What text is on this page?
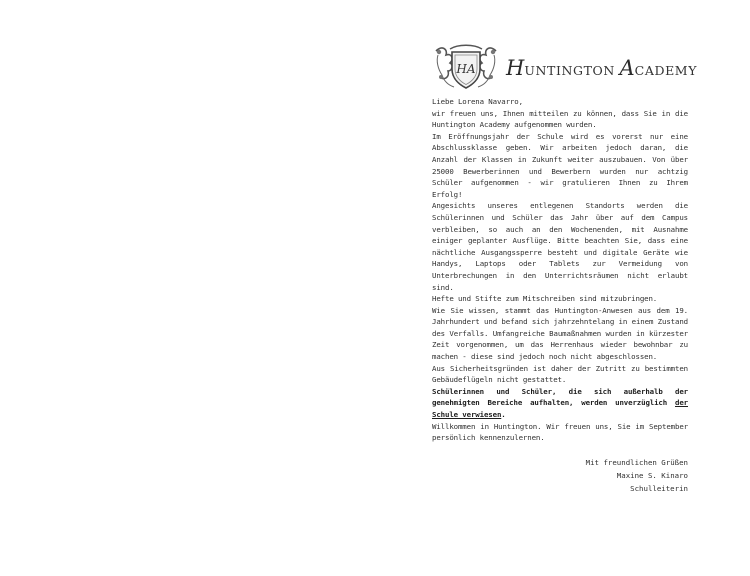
HA HUNTINGTON ACADEMY

Liebe Lorena Navarro,

wir freuen uns, Ihnen mitteilen zu können, dass Sie in die Huntington Academy aufgenommen wurden.

Im Eröffnungsjahr der Schule wird es vorerst nur eine Abschlussklasse geben. Wir arbeiten jedoch daran, die Anzahl der Klassen in Zukunft weiter auszubauen. Von über 25000 Bewerberinnen und Bewerbern wurden nur achtzig Schüler aufgenommen - wir gratulieren Ihnen zu Ihrem Erfolg!

Angesichts unseres entlegenen Standorts werden die Schülerinnen und Schüler das Jahr über auf dem Campus verbleiben, so auch an den Wochenenden, mit Ausnahme einiger geplanter Ausflüge. Bitte beachten Sie, dass eine nächtliche Ausgangssperre besteht und digitale Geräte wie Handys, Laptops oder Tablets zur Vermeidung von Unterbrechungen in den Unterrichtsräumen nicht erlaubt sind.

Hefte und Stifte zum Mitschreiben sind mitzubringen.

Wie Sie wissen, stammt das Huntington-Anwesen aus dem 19. Jahrhundert und befand sich jahrzehntelang in einem Zustand des Verfalls. Umfangreiche Baumaßnahmen wurden in kürzester Zeit vorgenommen, um das Herrenhaus wieder bewohnbar zu machen - diese sind jedoch noch nicht abgeschlossen.

Aus Sicherheitsgründen ist daher der Zutritt zu bestimmten Gebäudeflügeln nicht gestattet.

Schülerinnen und Schüler, die sich außerhalb der genehmigten Bereiche aufhalten, werden unverzüglich der Schule verwiesen.

Willkommen in Huntington. Wir freuen uns, Sie im September persönlich kennenzulernen.

Mit freundlichen Grüßen
Maxine S. Kinaro
Schulleiterin
